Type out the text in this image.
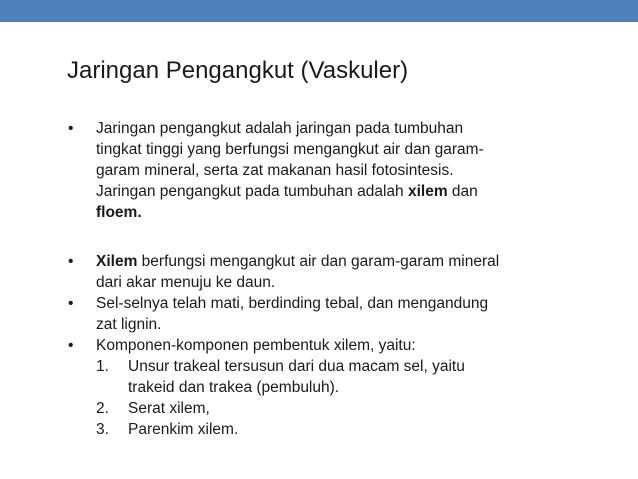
Jaringan Pengangkut (Vaskuler)
• Jaringan pengangkut adalah jaringan pada tumbuhan
tingkat tinggi yang berfungsi mengangkut air dan garam-
garam mineral, serta zat makanan hasil fotosintesis.
Jaringan pengangkut pada tumbuhan adalah xilem dan
floem.
• Xilem berfungsi mengangkut air dan garam-garam mineral
dari akar menuju ke daun.
• Sel-selnya telah mati, berdinding tebal, dan mengandung
zat lignin.
• Komponen-komponen pembentuk xilem, yaitu:
1. Unsur trakeal tersusun dari dua macam sel, yaitu
trakeid dan trakea (pembuluh).
2. Serat xilem,
3. Parenkim xilem.
